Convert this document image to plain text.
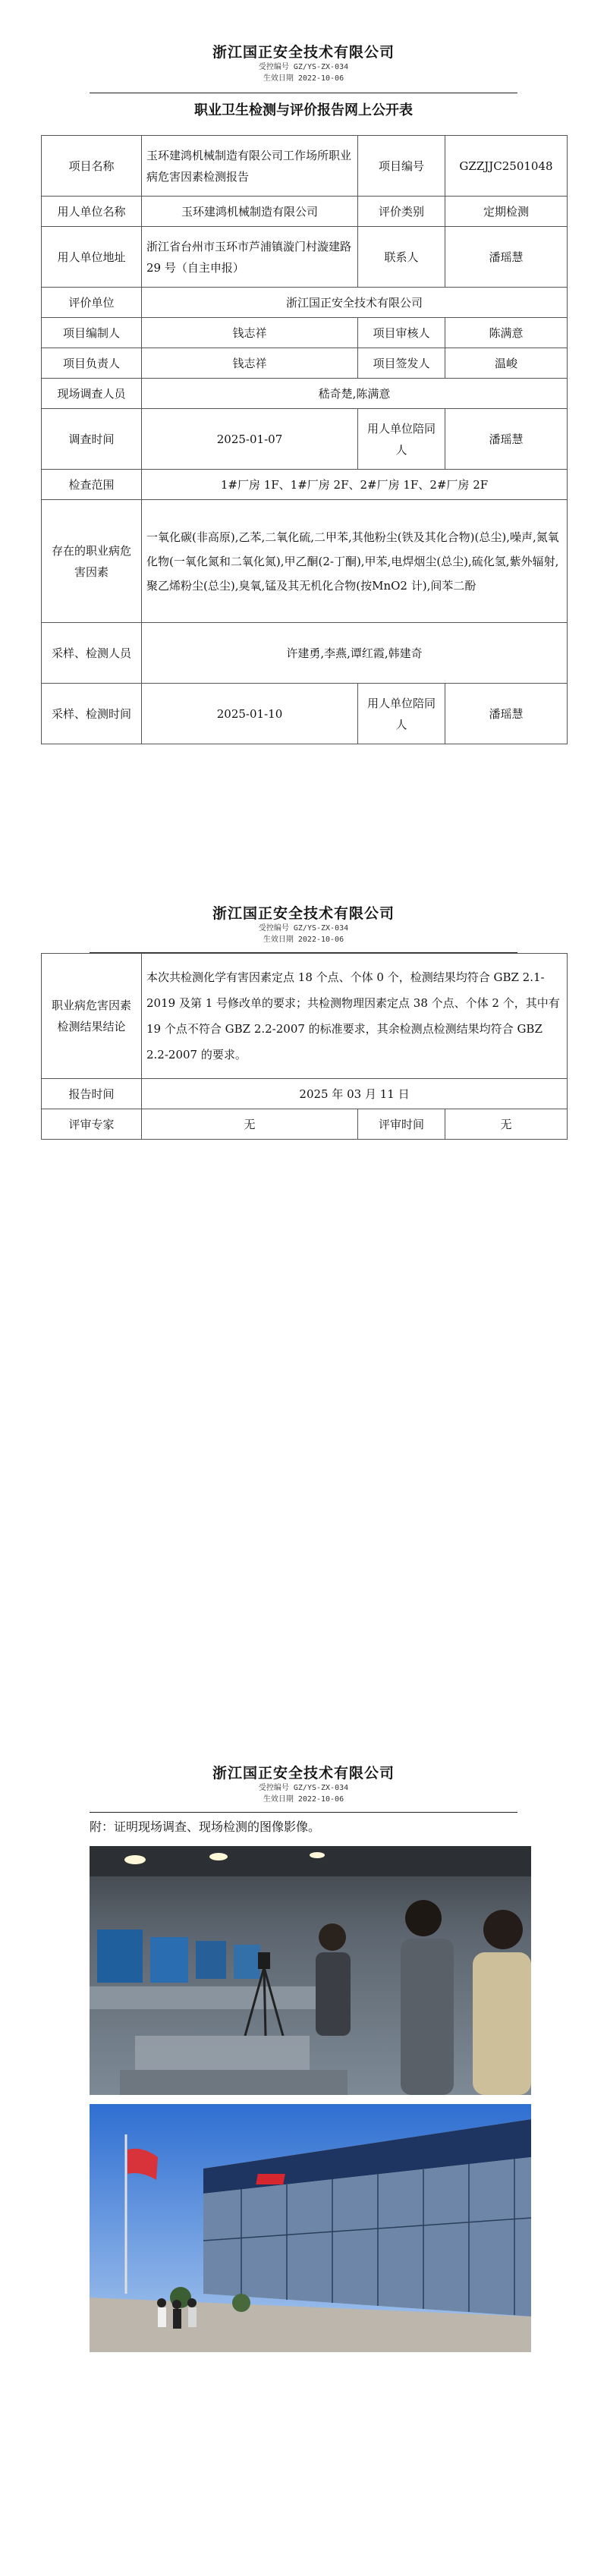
浙江国正安全技术有限公司
受控编号 GZ/YS-ZX-034
生效日期 2022-10-06
职业卫生检测与评价报告网上公开表
项目名称	玉环建鸿机械制造有限公司工作场所职业病危害因素检测报告	项目编号	GZZJJC2501048
用人单位名称	玉环建鸿机械制造有限公司	评价类别	定期检测
用人单位地址	浙江省台州市玉环市芦浦镇漩门村漩建路 29 号（自主申报）	联系人	潘瑶慧
评价单位	浙江国正安全技术有限公司		
项目编制人	钱志祥	项目审核人	陈满意
项目负责人	钱志祥	项目签发人	温峻
现场调查人员	嵇奇楚,陈满意		
调查时间	2025-01-07	用人单位陪同人	潘瑶慧
检查范围	1#厂房 1F、1#厂房 2F、2#厂房 1F、2#厂房 2F		
存在的职业病危害因素	一氧化碳(非高原),乙苯,二氧化硫,二甲苯,其他粉尘(铁及其化合物)(总尘),噪声,氮氧化物(一氧化氮和二氧化氮),甲乙酮(2-丁酮),甲苯,电焊烟尘(总尘),硫化氢,紫外辐射,聚乙烯粉尘(总尘),臭氧,锰及其无机化合物(按MnO2 计),间苯二酚		
采样、检测人员	许建勇,李燕,谭红霞,韩建奇		
采样、检测时间	2025-01-10	用人单位陪同人	潘瑶慧
浙江国正安全技术有限公司
受控编号 GZ/YS-ZX-034
生效日期 2022-10-06
职业病危害因素检测结果结论	本次共检测化学有害因素定点 18 个点、个体 0 个，检测结果均符合 GBZ 2.1-2019 及第 1 号修改单的要求；共检测物理因素定点 38 个点、个体 2 个，其中有 19 个点不符合 GBZ 2.2-2007 的标准要求，其余检测点检测结果均符合 GBZ 2.2-2007 的要求。		
报告时间	2025 年 03 月 11 日		
评审专家	无	评审时间	无
浙江国正安全技术有限公司
受控编号 GZ/YS-ZX-034
生效日期 2022-10-06
附：证明现场调查、现场检测的图像影像。
